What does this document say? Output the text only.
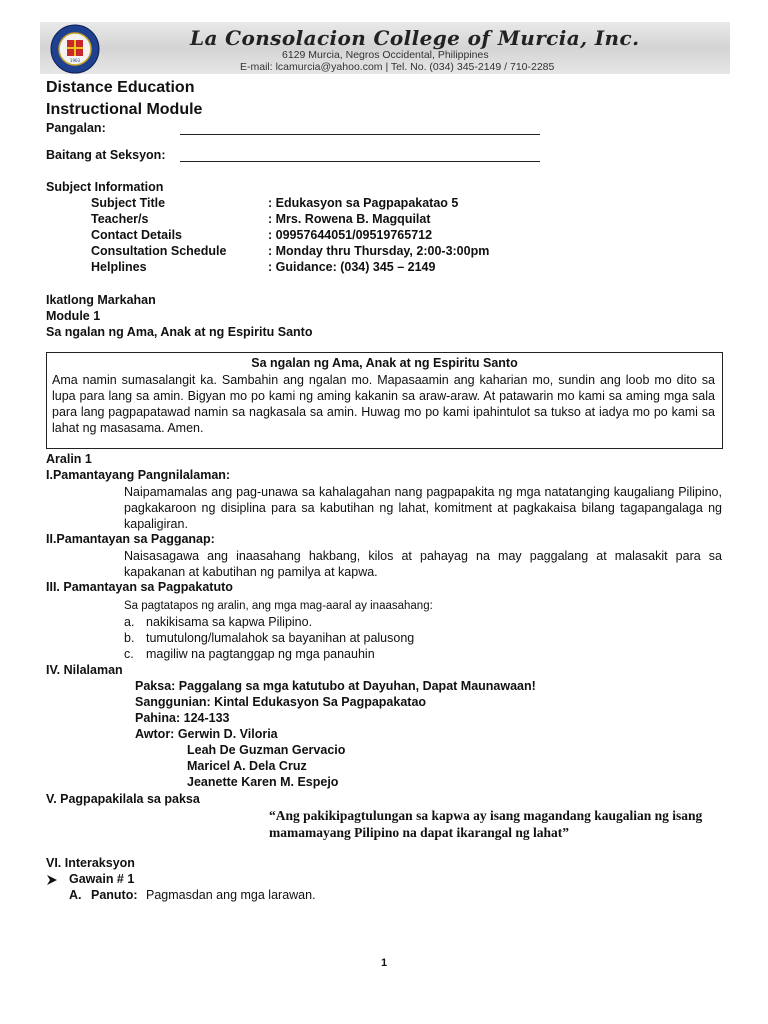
1963
La Consolacion College of Murcia, Inc.
6129 Murcia, Negros Occidental, Philippines
E-mail: lcamurcia@yahoo.com | Tel. No. (034) 345-2149 / 710-2285
Distance Education
Instructional Module
Pangalan:
Baitang at Seksyon:
Subject Information
Subject Title	: Edukasyon sa Pagpapakatao 5
Teacher/s	: Mrs. Rowena B. Magquilat
Contact Details	: 09957644051/09519765712
Consultation Schedule	: Monday thru Thursday, 2:00-3:00pm
Helplines	: Guidance: (034) 345 – 2149
Ikatlong Markahan
Module 1
Sa ngalan ng Ama, Anak at ng Espiritu Santo
Sa ngalan ng Ama, Anak at ng Espiritu Santo
Ama namin sumasalangit ka. Sambahin ang ngalan mo. Mapasaamin ang kaharian mo, sundin ang loob mo dito sa lupa para lang sa amin. Bigyan mo po kami ng aming kakanin sa araw-araw. At patawarin mo kami sa aming mga sala para lang pagpapatawad namin sa nagkasala sa amin. Huwag mo po kami ipahintulot sa tukso at iadya mo po kami sa lahat ng masasama. Amen.
Aralin 1
I.Pamantayang Pangnilalaman:
Naipamamalas ang pag-unawa sa kahalagahan nang pagpapakita ng mga natatanging kaugaliang Pilipino, pagkakaroon ng disiplina para sa kabutihan ng lahat, komitment at pagkakaisa bilang tagapangalaga ng kapaligiran.
II.Pamantayan sa Pagganap:
Naisasagawa ang inaasahang hakbang, kilos at pahayag na may paggalang at malasakit para sa kapakanan at kabutihan ng pamilya at kapwa.
III. Pamantayan sa Pagpakatuto
Sa pagtatapos ng aralin, ang mga mag-aaral ay inaasahang:
a. nakikisama sa kapwa Pilipino.
b. tumutulong/lumalahok sa bayanihan at palusong
c. magiliw na pagtanggap ng mga panauhin
IV. Nilalaman
Paksa: Paggalang sa mga katutubo at Dayuhan, Dapat Maunawaan!
Sanggunian: Kintal Edukasyon Sa Pagpapakatao
Pahina: 124-133
Awtor: Gerwin D. Viloria
Leah De Guzman Gervacio
Maricel A. Dela Cruz
Jeanette Karen M. Espejo
V. Pagpapakilala sa paksa
“Ang pakikipagtulungan sa kapwa ay isang magandang kaugalian ng isang mamamayang Pilipino na dapat ikarangal ng lahat”
VI. Interaksyon
Gawain # 1
A. Panuto: Pagmasdan ang mga larawan.
1
